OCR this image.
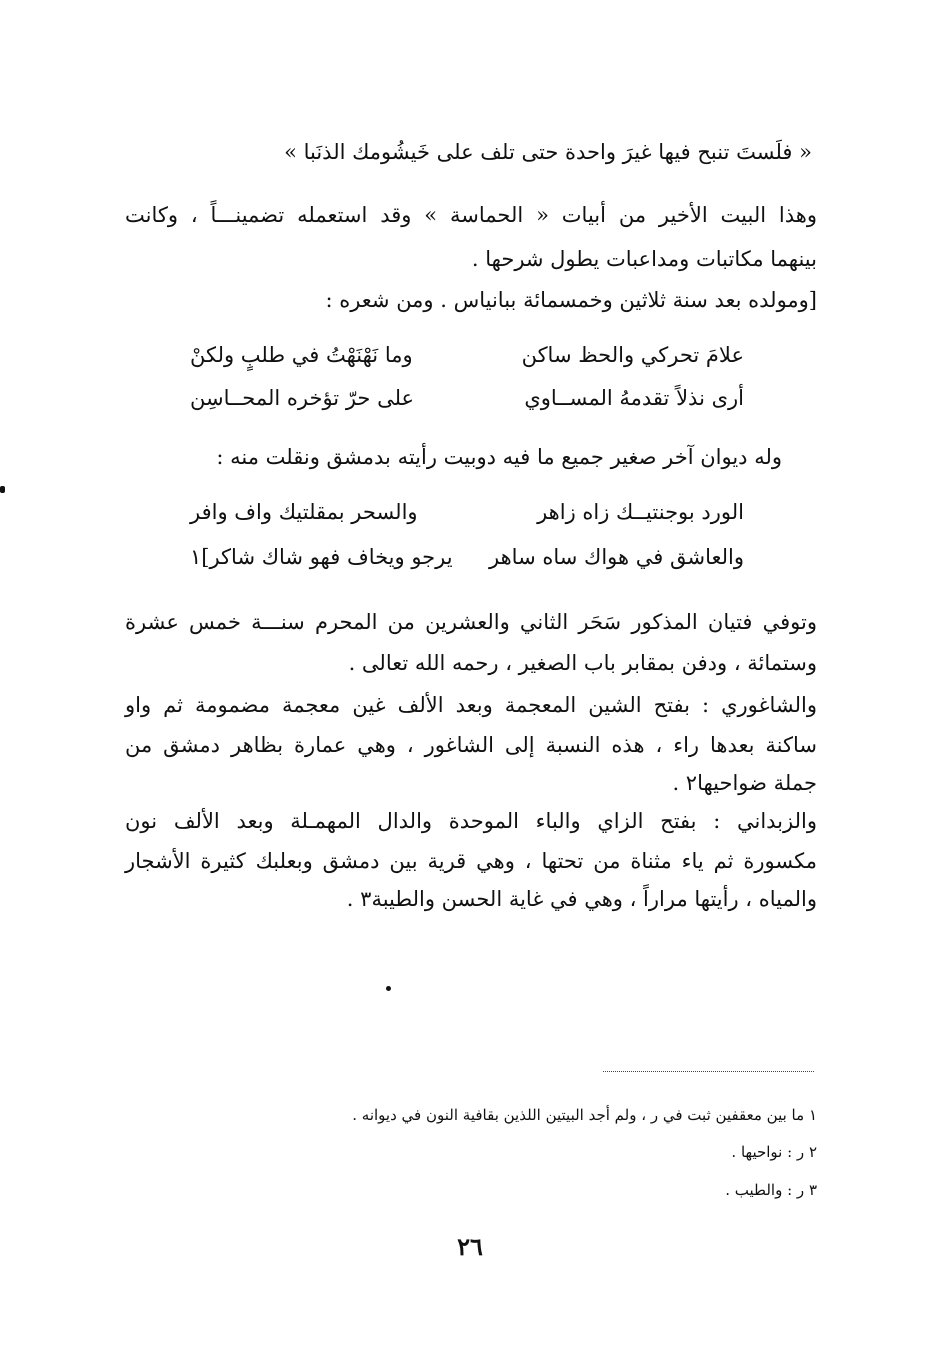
« فلَستَ تنبح فيها غيرَ واحدة حتى تلف على خَيشُومك الذنَبا »
وهذا البيت الأخير من أبيات « الحماسة » وقد استعمله تضمينـــاً ، وكانت
بينهما مكاتبات ومداعبات يطول شرحها .
[ومولده بعد سنة ثلاثين وخمسمائة ببانياس . ومن شعره :
علامَ تحركي والحظ ساكن
وما نَهْنَهْتُ في طلبٍ ولكنْ
أرى نذلاً تقدمهُ المســاوي
على حرّ تؤخره المحــاسِن
وله ديوان آخر صغير جميع ما فيه دوبيت رأيته بدمشق ونقلت منه :
الورد بوجنتيــك زاه زاهر
والسحر بمقلتيك واف وافر
والعاشق في هواك ساه ساهر
يرجو ويخاف فهو شاك شاكر]١
وتوفي فتيان المذكور سَحَر الثاني والعشرين من المحرم سنـــة خمس عشرة
وستمائة ، ودفن بمقابر باب الصغير ، رحمه الله تعالى .
والشاغوري : بفتح الشين المعجمة وبعد الألف غين معجمة مضمومة ثم واو
ساكنة بعدها راء ، هذه النسبة إلى الشاغور ، وهي عمارة بظاهر دمشق من
جملة ضواحيها٢ .
والزبداني : بفتح الزاي والباء الموحدة والدال المهمـلة وبعد الألف نون
مكسورة ثم ياء مثناة من تحتها ، وهي قرية بين دمشق وبعلبك كثيرة الأشجار
والمياه ، رأيتها مراراً ، وهي في غاية الحسن والطيبة٣ .
١ ما بين معقفين ثبت في ر ، ولم أجد البيتين اللذين بقافية النون في ديوانه .
٢ ر : نواحيها .
٣ ر : والطيب .
٢٦
